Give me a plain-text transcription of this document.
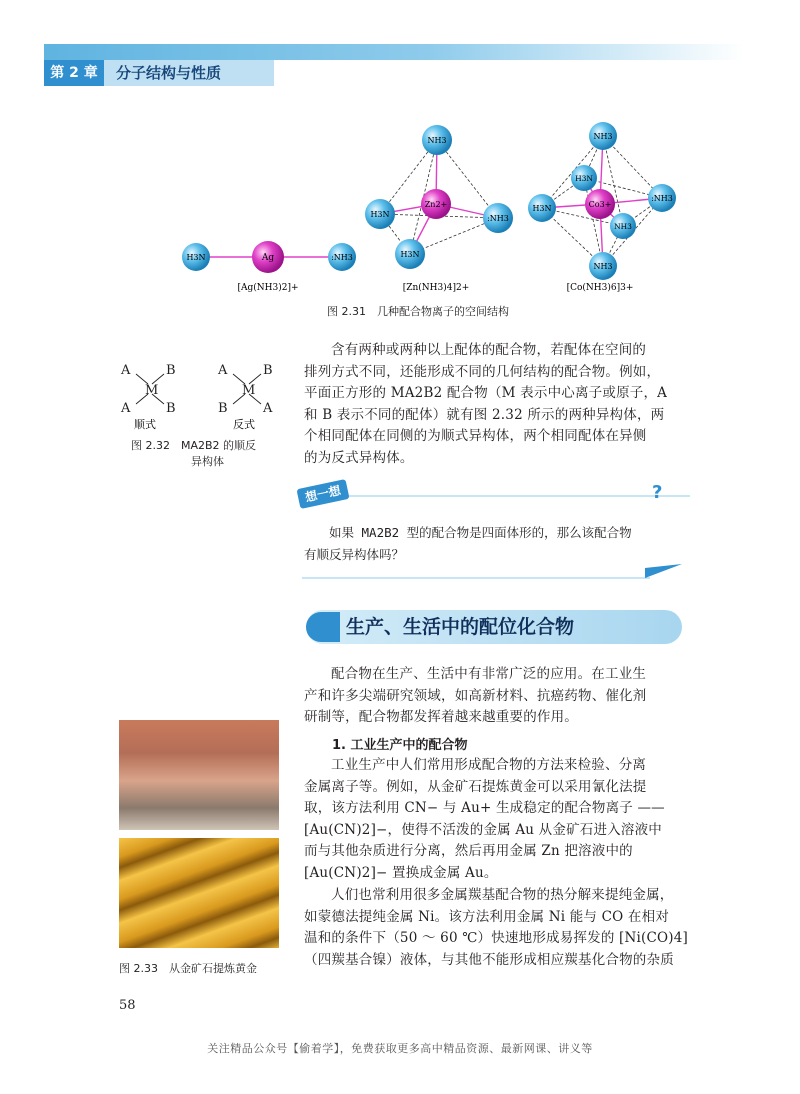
第 2 章	分子结构与性质
H3N	Ag	:NH3
[Ag(NH3)2]+
NH3
H3N	:NH3
H3N
Zn2+
[Zn(NH3)4]2+
NH3
H3N
H3N
:NH3
Co3+
NH3
NH3
[Co(NH3)6]3+
图 2.31　几种配合物离子的空间结构
A	B
M
A	B
A	B
M
B	A
顺式	反式
图 2.32　MA2B2 的顺反
异构体

含有两种或两种以上配体的配合物，若配体在空间的

排列方式不同，还能形成不同的几何结构的配合物。例如，

平面正方形的 MA2B2 配合物（M 表示中心离子或原子，A

和 B 表示不同的配体）就有图 2.32 所示的两种异构体，两

个相同配体在同侧的为顺式异构体，两个相同配体在异侧

的为反式异构体。

想一想	?
如果 MA2B2 型的配合物是四面体形的，那么该配合物
有顺反异构体吗？
生产、生活中的配位化合物

配合物在生产、生活中有非常广泛的应用。在工业生

产和许多尖端研究领域，如高新材料、抗癌药物、催化剂

研制等，配合物都发挥着越来越重要的作用。

1. 工业生产中的配合物

工业生产中人们常用形成配合物的方法来检验、分离

金属离子等。例如，从金矿石提炼黄金可以采用氰化法提

取，该方法利用 CN− 与 Au+ 生成稳定的配合物离子 ——

[Au(CN)2]−，使得不活泼的金属 Au 从金矿石进入溶液中

而与其他杂质进行分离，然后再用金属 Zn 把溶液中的

[Au(CN)2]− 置换成金属 Au。

人们也常利用很多金属羰基配合物的热分解来提纯金属，

如蒙德法提纯金属 Ni。该方法利用金属 Ni 能与 CO 在相对

温和的条件下（50 ～ 60 ℃）快速地形成易挥发的 [Ni(CO)4]

（四羰基合镍）液体，与其他不能形成相应羰基化合物的杂质

图 2.33　从金矿石提炼黄金
58
关注精品公众号【偷着学】，免费获取更多高中精品资源、最新网课、讲义等
